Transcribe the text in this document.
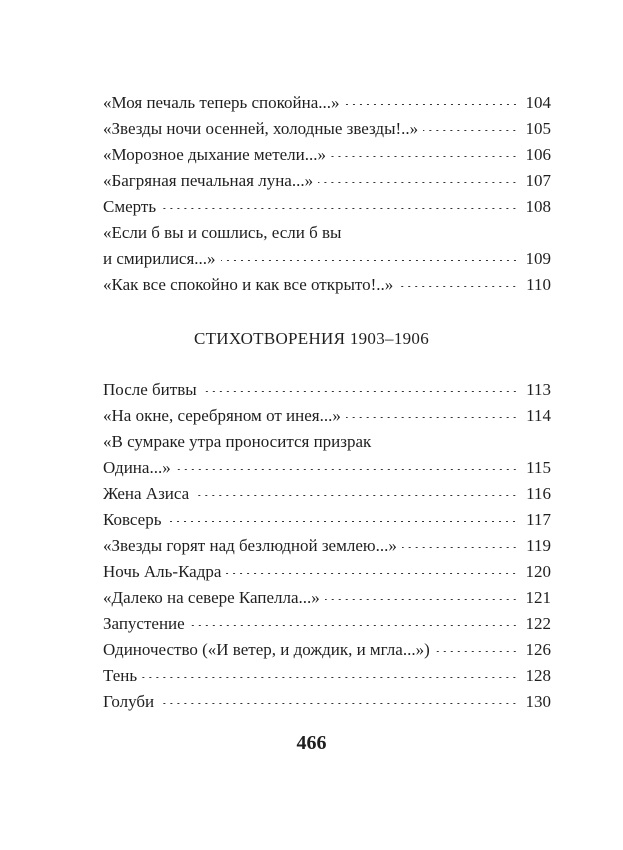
«Моя печаль теперь спокойна...»	104
«Звезды ночи осенней, холодные звезды!..»	105
«Морозное дыхание метели...»	106
«Багряная печальная луна...»	107
Смерть	108
«Если б вы и сошлись, если б вы
и смирилися...»	109
«Как все спокойно и как все открыто!..»	110
СТИХОТВОРЕНИЯ 1903–1906
После битвы	113
«На окне, серебряном от инея...»	114
«В сумраке утра проносится призрак
Одина...»	115
Жена Азиса	116
Ковсерь	117
«Звезды горят над безлюдной землею...»	119
Ночь Аль-Кадра	120
«Далеко на севере Капелла...»	121
Запустение	122
Одиночество («И ветер, и дождик, и мгла...»)	126
Тень	128
Голуби	130
466
